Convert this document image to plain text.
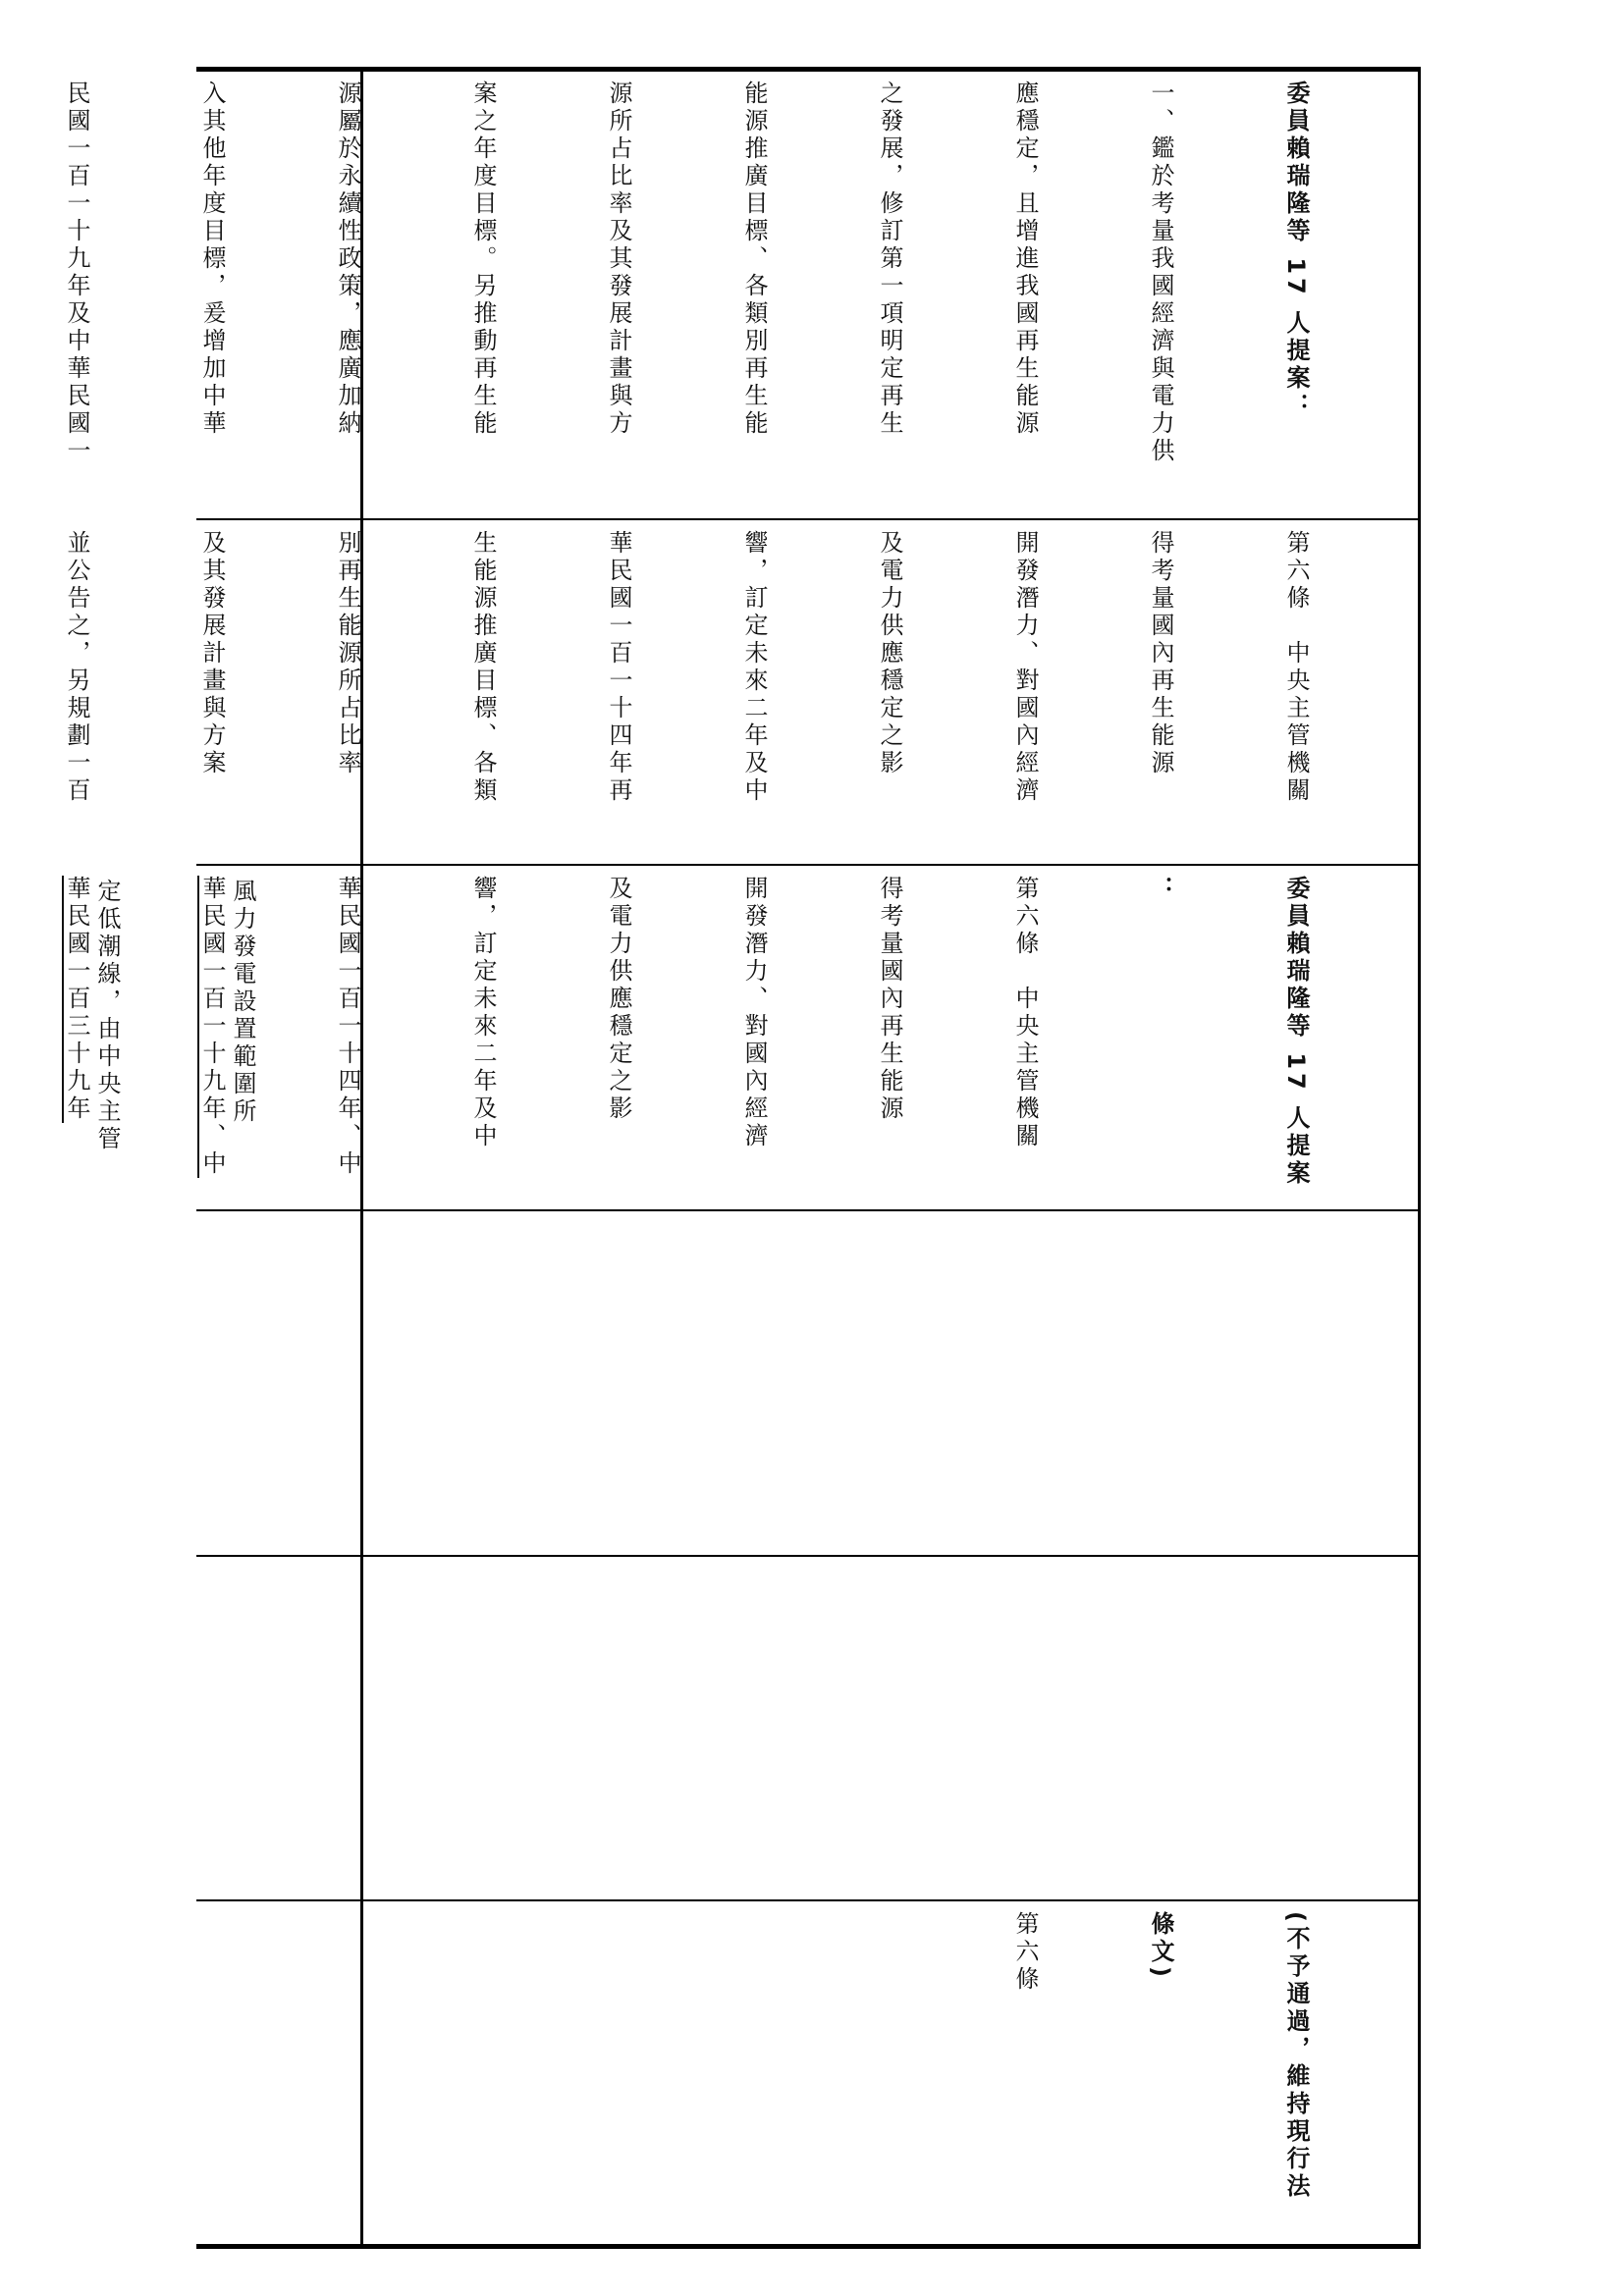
風力發電設置範圍所

定低潮線，由中央主管

委員賴瑞隆等 17 人提案：

一、鑑於考量我國經濟與電力供

應穩定，且增進我國再生能源

之發展，修訂第一項明定再生

能源推廣目標、各類別再生能

源所占比率及其發展計畫與方

案之年度目標。另推動再生能

源屬於永續性政策，應廣加納

入其他年度目標，爰增加中華

民國一百一十九年及中華民國一

第六條　中央主管機關

得考量國內再生能源

開發潛力、對國內經濟

及電力供應穩定之影

響，訂定未來二年及中

華民國一百一十四年再

生能源推廣目標、各類

別再生能源所占比率

及其發展計畫與方案

並公告之，另規劃一百

委員賴瑞隆等 17 人提案

：

第六條　中央主管機關

得考量國內再生能源

開發潛力、對國內經濟

及電力供應穩定之影

響，訂定未來二年及中

華民國一百一十四年、中

華民國一百一十九年、中

華民國一百三十九年

(不予通過，維持現行法

條文)

第六條
